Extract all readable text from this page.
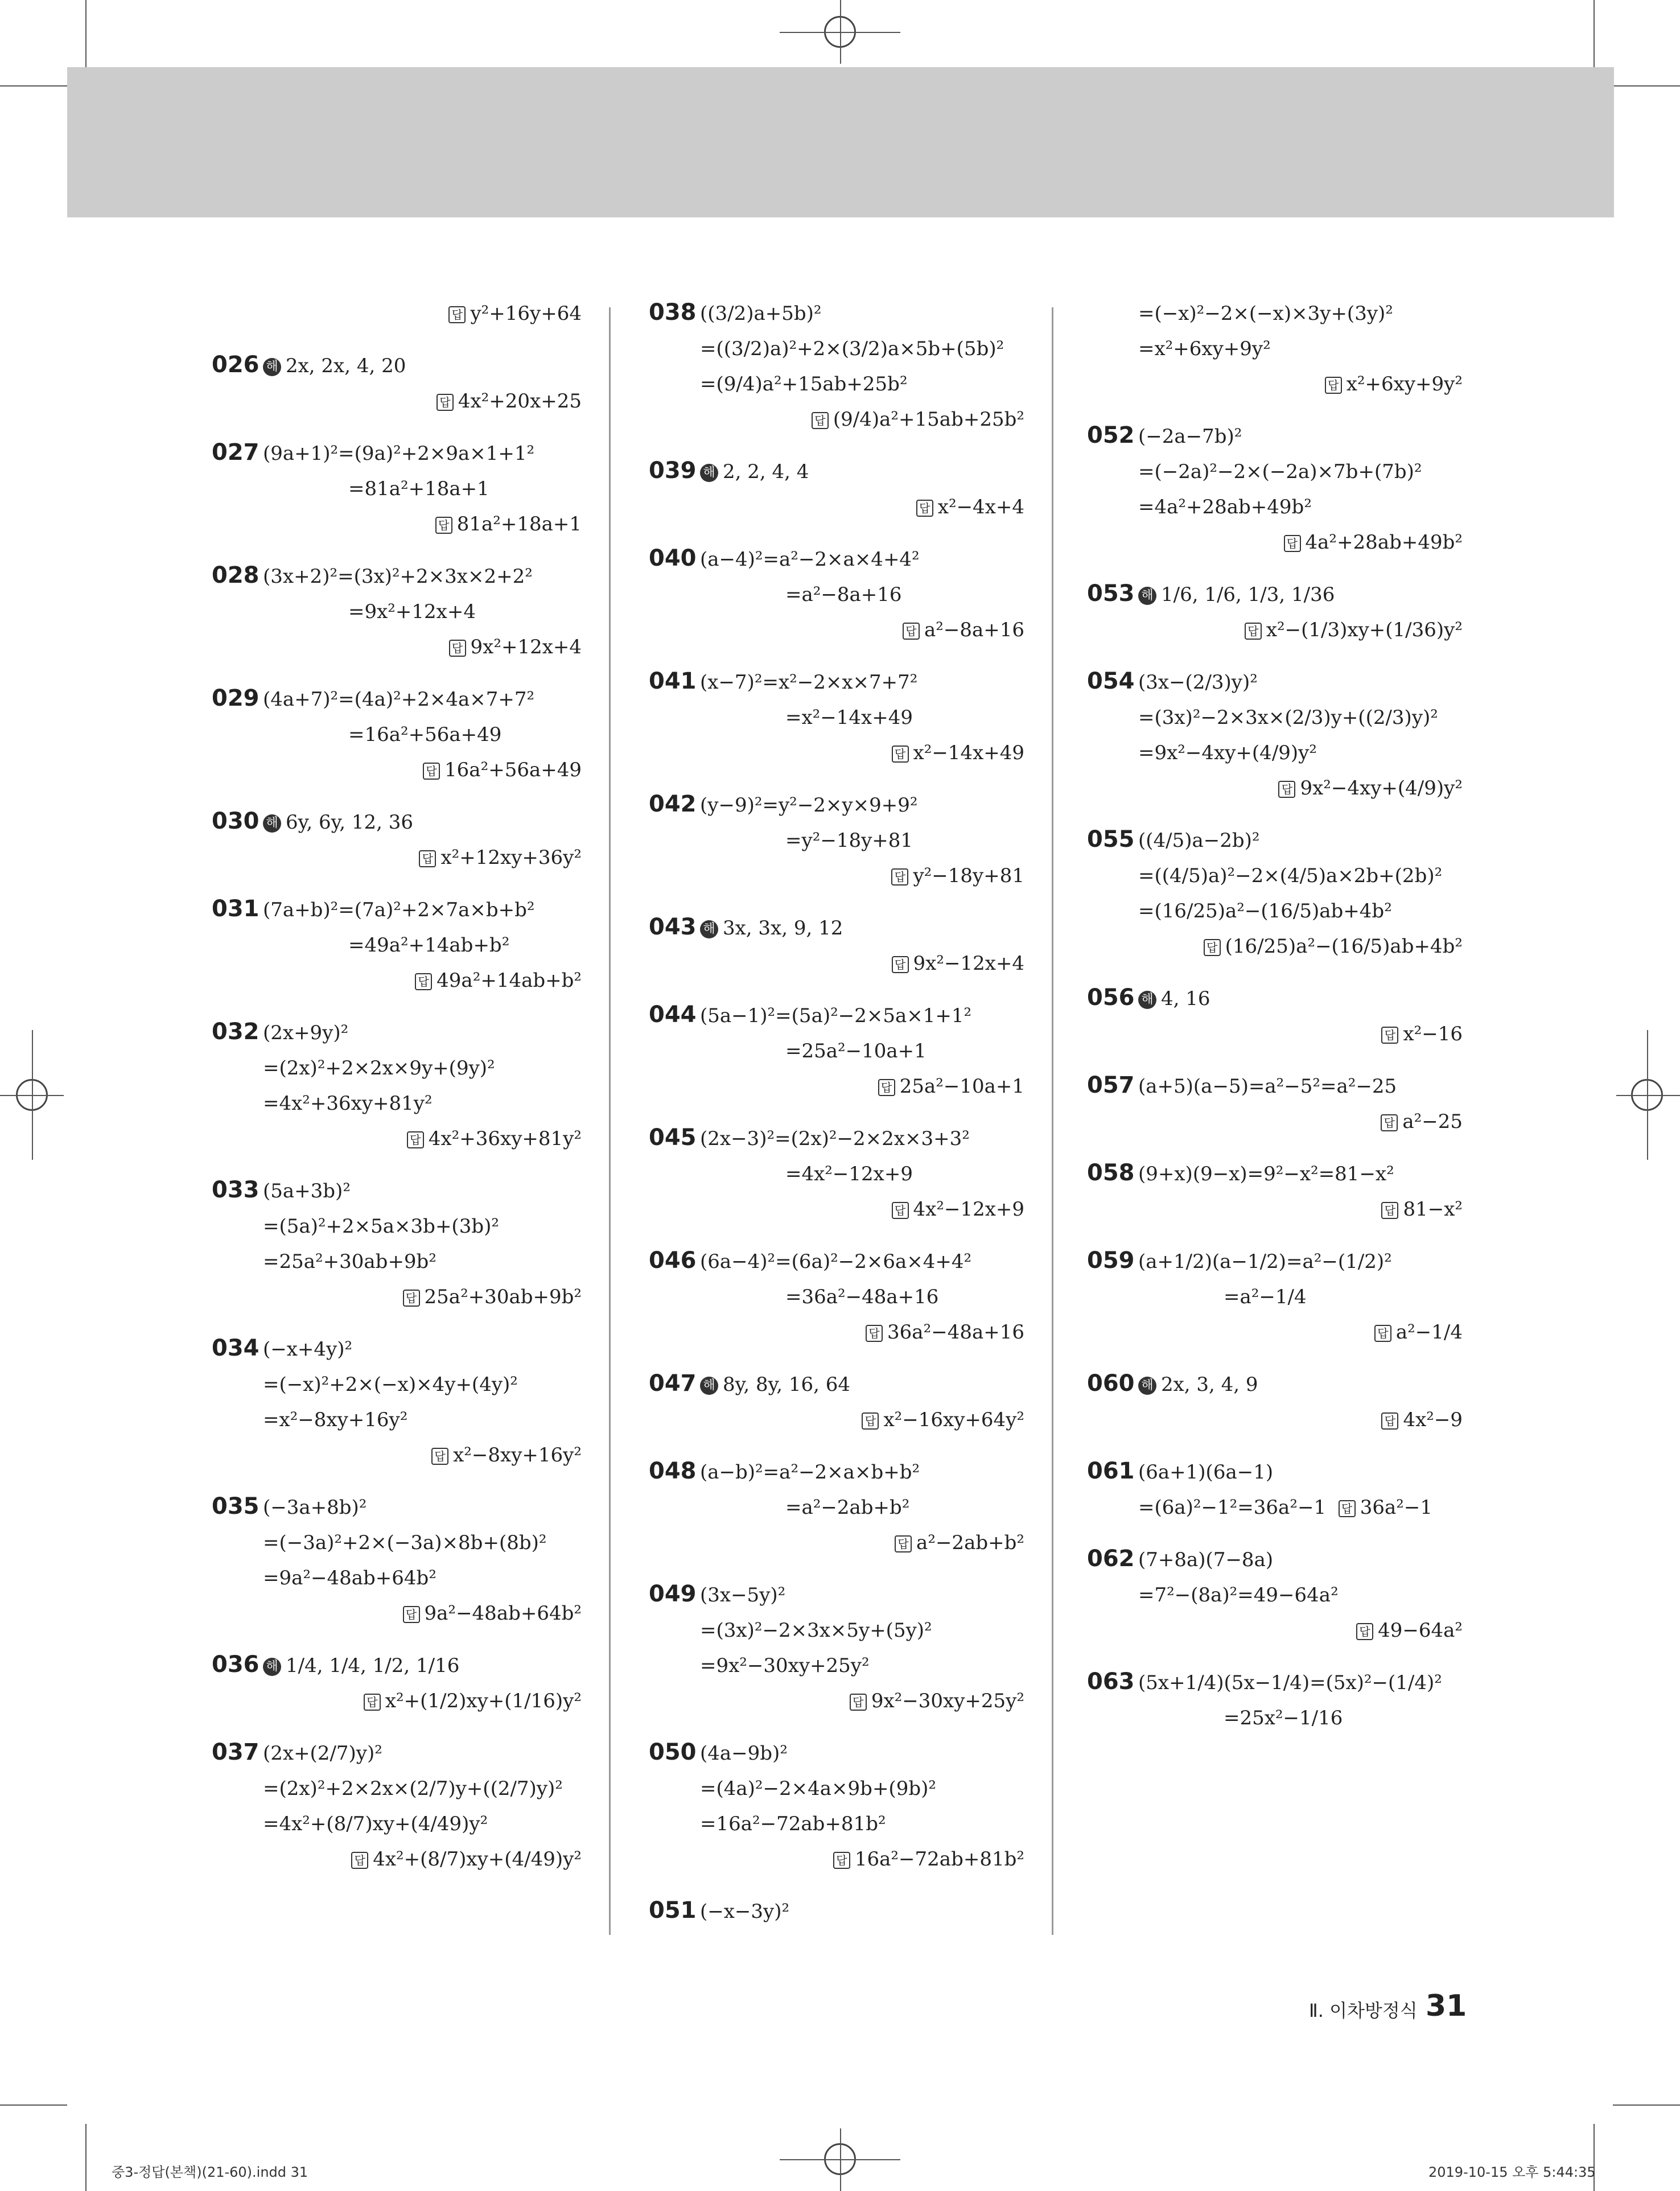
답 y²+16y+64
026 해 2x, 2x, 4, 20
답 4x²+20x+25
027 (9a+1)²=(9a)²+2×9a×1+1²
=81a²+18a+1
답 81a²+18a+1
028 (3x+2)²=(3x)²+2×3x×2+2²
=9x²+12x+4
답 9x²+12x+4
029 (4a+7)²=(4a)²+2×4a×7+7²
=16a²+56a+49
답 16a²+56a+49
030 해 6y, 6y, 12, 36
답 x²+12xy+36y²
031 (7a+b)²=(7a)²+2×7a×b+b²
=49a²+14ab+b²
답 49a²+14ab+b²
032 (2x+9y)²
=(2x)²+2×2x×9y+(9y)²
=4x²+36xy+81y²
답 4x²+36xy+81y²
033 (5a+3b)²
=(5a)²+2×5a×3b+(3b)²
=25a²+30ab+9b²
답 25a²+30ab+9b²
034 (−x+4y)²
=(−x)²+2×(−x)×4y+(4y)²
=x²−8xy+16y²
답 x²−8xy+16y²
035 (−3a+8b)²
=(−3a)²+2×(−3a)×8b+(8b)²
=9a²−48ab+64b²
답 9a²−48ab+64b²
036 해 1/4, 1/4, 1/2, 1/16
답 x²+(1/2)xy+(1/16)y²
037 (2x+(2/7)y)²
=(2x)²+2×2x×(2/7)y+((2/7)y)²
=4x²+(8/7)xy+(4/49)y²
답 4x²+(8/7)xy+(4/49)y²
038 ((3/2)a+5b)²
=((3/2)a)²+2×(3/2)a×5b+(5b)²
=(9/4)a²+15ab+25b²
답 (9/4)a²+15ab+25b²
039 해 2, 2, 4, 4
답 x²−4x+4
040 (a−4)²=a²−2×a×4+4²
=a²−8a+16
답 a²−8a+16
041 (x−7)²=x²−2×x×7+7²
=x²−14x+49
답 x²−14x+49
042 (y−9)²=y²−2×y×9+9²
=y²−18y+81
답 y²−18y+81
043 해 3x, 3x, 9, 12
답 9x²−12x+4
044 (5a−1)²=(5a)²−2×5a×1+1²
=25a²−10a+1
답 25a²−10a+1
045 (2x−3)²=(2x)²−2×2x×3+3²
=4x²−12x+9
답 4x²−12x+9
046 (6a−4)²=(6a)²−2×6a×4+4²
=36a²−48a+16
답 36a²−48a+16
047 해 8y, 8y, 16, 64
답 x²−16xy+64y²
048 (a−b)²=a²−2×a×b+b²
=a²−2ab+b²
답 a²−2ab+b²
049 (3x−5y)²
=(3x)²−2×3x×5y+(5y)²
=9x²−30xy+25y²
답 9x²−30xy+25y²
050 (4a−9b)²
=(4a)²−2×4a×9b+(9b)²
=16a²−72ab+81b²
답 16a²−72ab+81b²
051 (−x−3y)²
=(−x)²−2×(−x)×3y+(3y)²
=x²+6xy+9y²
답 x²+6xy+9y²
052 (−2a−7b)²
=(−2a)²−2×(−2a)×7b+(7b)²
=4a²+28ab+49b²
답 4a²+28ab+49b²
053 해 1/6, 1/6, 1/3, 1/36
답 x²−(1/3)xy+(1/36)y²
054 (3x−(2/3)y)²
=(3x)²−2×3x×(2/3)y+((2/3)y)²
=9x²−4xy+(4/9)y²
답 9x²−4xy+(4/9)y²
055 ((4/5)a−2b)²
=((4/5)a)²−2×(4/5)a×2b+(2b)²
=(16/25)a²−(16/5)ab+4b²
답 (16/25)a²−(16/5)ab+4b²
056 해 4, 16
답 x²−16
057 (a+5)(a−5)=a²−5²=a²−25
답 a²−25
058 (9+x)(9−x)=9²−x²=81−x²
답 81−x²
059 (a+1/2)(a−1/2)=a²−(1/2)²
=a²−1/4
답 a²−1/4
060 해 2x, 3, 4, 9
답 4x²−9
061 (6a+1)(6a−1)
=(6a)²−1²=36a²−1 답 36a²−1
062 (7+8a)(7−8a)
=7²−(8a)²=49−64a²
답 49−64a²
063 (5x+1/4)(5x−1/4)=(5x)²−(1/4)²
=25x²−1/16
Ⅱ. 이차방정식 31
중3-정답(본책)(21-60).indd 31	2019-10-15 오후 5:44:35
